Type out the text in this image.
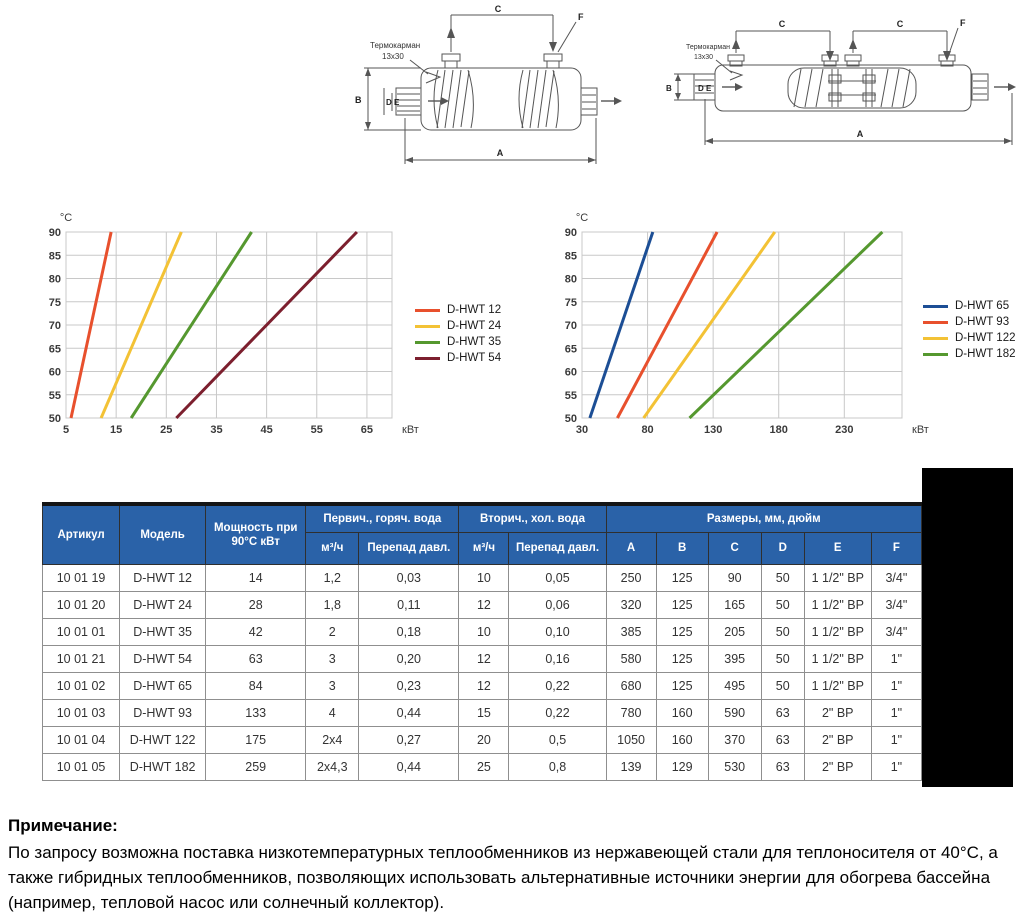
Термокарман
13x30
C
F
B	D E
A
Термокарман
13x30
C	C	F
B	D E
A
50
55
60
65
70
75
80
85
90
5	15	25	35	45	55	65
°C
кВт
D-HWT 12
D-HWT 24
D-HWT 35
D-HWT 54
50
55
60
65
70
75
80
85
90
30	80	130	180	230
°C
кВт
D-HWT 65
D-HWT 93
D-HWT 122
D-HWT 182
Артикул	Модель	Мощность при 90°С кВт	Первич., горяч. вода		Вторич., хол. вода		Размеры, мм, дюйм					
			м³/ч	Перепад давл.	м³/ч	Перепад давл.	A	B	C	D	E	F
10 01 19	D-HWT 12	14	1,2	0,03	10	0,05	250	125	90	50	1 1/2" ВР	3/4"
10 01 20	D-HWT 24	28	1,8	0,11	12	0,06	320	125	165	50	1 1/2" ВР	3/4"
10 01 01	D-HWT 35	42	2	0,18	10	0,10	385	125	205	50	1 1/2" ВР	3/4"
10 01 21	D-HWT 54	63	3	0,20	12	0,16	580	125	395	50	1 1/2" ВР	1"
10 01 02	D-HWT 65	84	3	0,23	12	0,22	680	125	495	50	1 1/2" ВР	1"
10 01 03	D-HWT 93	133	4	0,44	15	0,22	780	160	590	63	2" ВР	1"
10 01 04	D-HWT 122	175	2x4	0,27	20	0,5	1050	160	370	63	2" ВР	1"
10 01 05	D-HWT 182	259	2x4,3	0,44	25	0,8	139	129	530	63	2" ВР	1"

Примечание:

По запросу возможна поставка низкотемпературных теплообменников из нержавеющей стали для теплоносителя от 40°С, а также гибридных теплообменников, позволяющих использовать альтернативные источники энергии для обогрева бассейна (например, тепловой насос или солнечный коллектор).
